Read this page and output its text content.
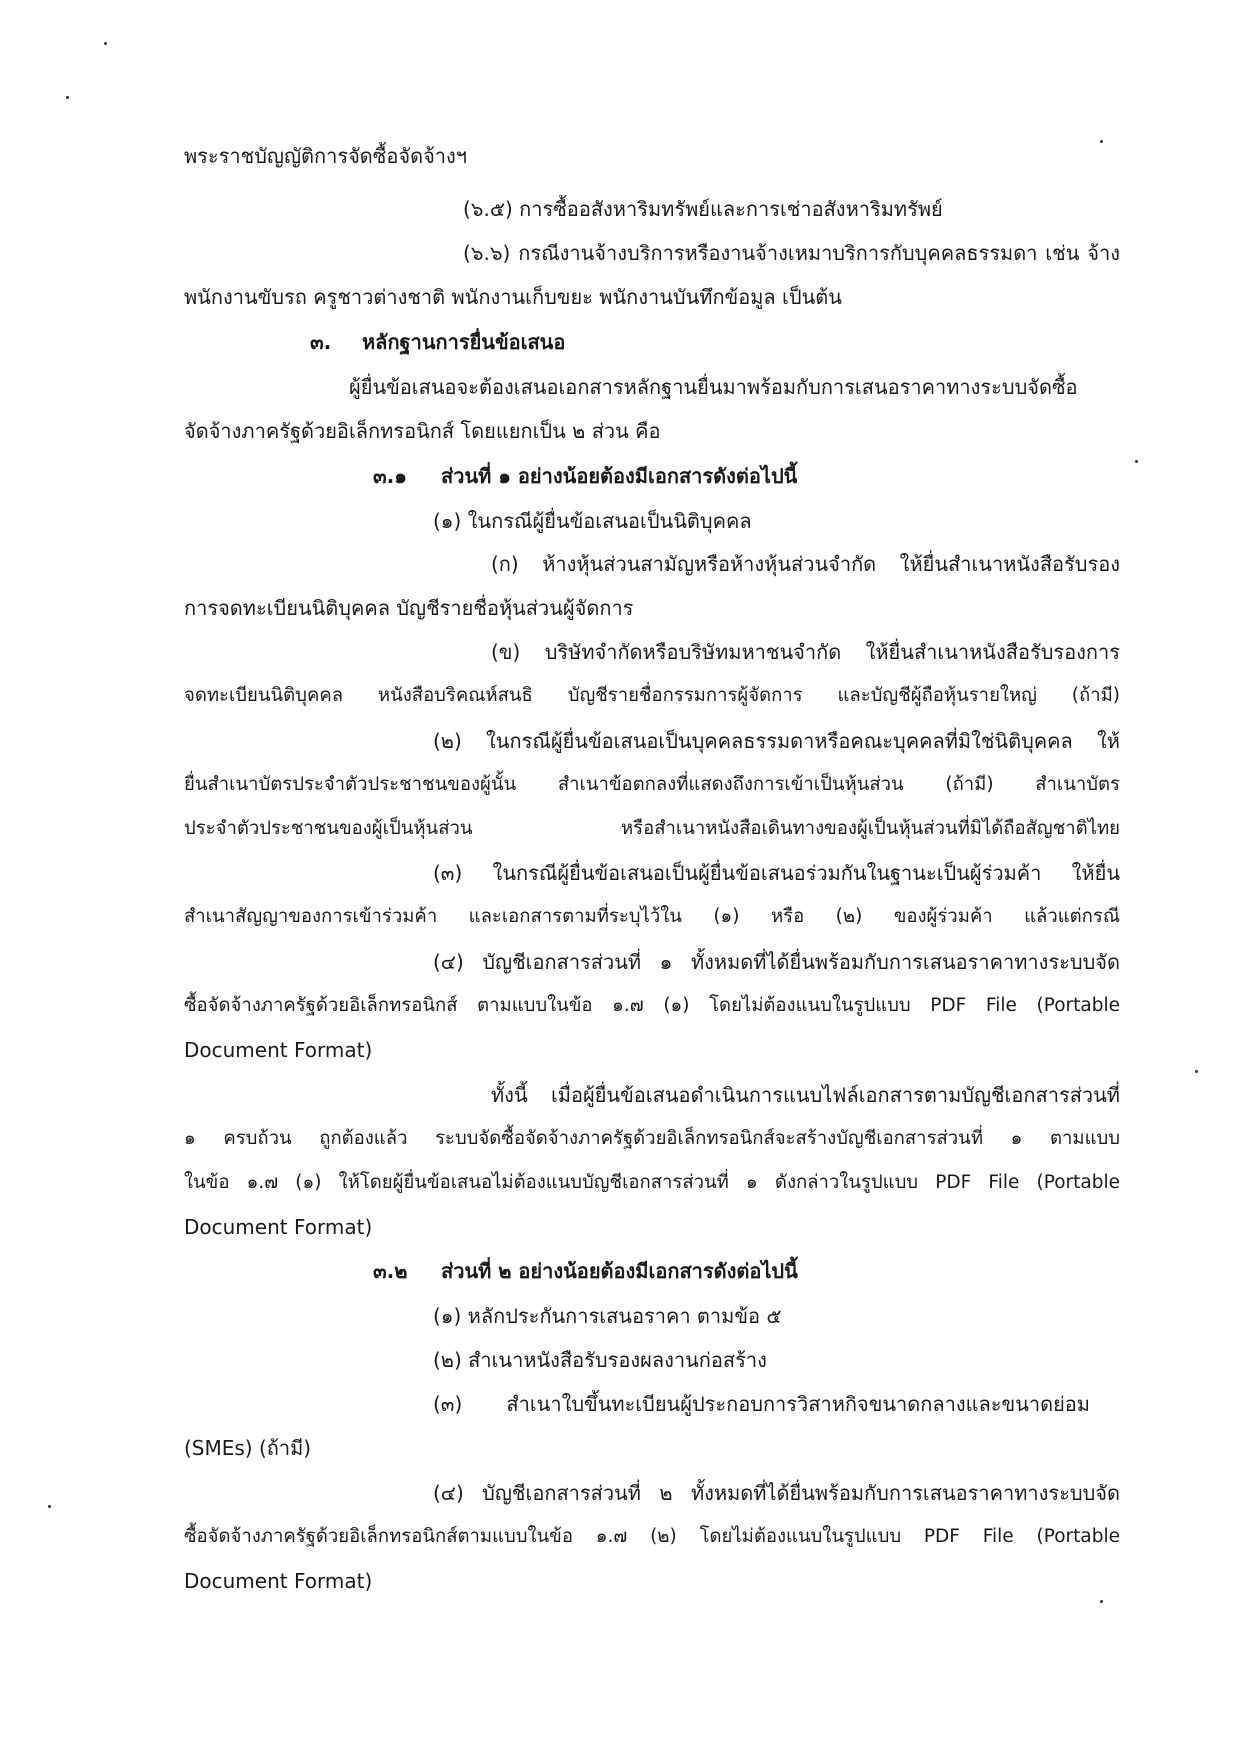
พระราชบัญญัติการจัดซื้อจัดจ้างฯ
(๖.๕) การซื้ออสังหาริมทรัพย์และการเช่าอสังหาริมทรัพย์
(๖.๖) กรณีงานจ้างบริการหรืองานจ้างเหมาบริการกับบุคคลธรรมดา เช่น จ้าง
พนักงานขับรถ ครูชาวต่างชาติ พนักงานเก็บขยะ พนักงานบันทึกข้อมูล เป็นต้น
๓. หลักฐานการยื่นข้อเสนอ
ผู้ยื่นข้อเสนอจะต้องเสนอเอกสารหลักฐานยื่นมาพร้อมกับการเสนอราคาทางระบบจัดซื้อ
จัดจ้างภาครัฐด้วยอิเล็กทรอนิกส์ โดยแยกเป็น ๒ ส่วน คือ
๓.๑ ส่วนที่ ๑ อย่างน้อยต้องมีเอกสารดังต่อไปนี้
(๑) ในกรณีผู้ยื่นข้อเสนอเป็นนิติบุคคล
(ก) ห้างหุ้นส่วนสามัญหรือห้างหุ้นส่วนจำกัด ให้ยื่นสำเนาหนังสือรับรอง
การจดทะเบียนนิติบุคคล บัญชีรายชื่อหุ้นส่วนผู้จัดการ
(ข) บริษัทจำกัดหรือบริษัทมหาชนจำกัด ให้ยื่นสำเนาหนังสือรับรองการ
จดทะเบียนนิติบุคคล หนังสือบริคณห์สนธิ บัญชีรายชื่อกรรมการผู้จัดการ และบัญชีผู้ถือหุ้นรายใหญ่ (ถ้ามี)
(๒) ในกรณีผู้ยื่นข้อเสนอเป็นบุคคลธรรมดาหรือคณะบุคคลที่มิใช่นิติบุคคล ให้
ยื่นสำเนาบัตรประจำตัวประชาชนของผู้นั้น สำเนาข้อตกลงที่แสดงถึงการเข้าเป็นหุ้นส่วน (ถ้ามี) สำเนาบัตร
ประจำตัวประชาชนของผู้เป็นหุ้นส่วน หรือสำเนาหนังสือเดินทางของผู้เป็นหุ้นส่วนที่มิได้ถือสัญชาติไทย
(๓) ในกรณีผู้ยื่นข้อเสนอเป็นผู้ยื่นข้อเสนอร่วมกันในฐานะเป็นผู้ร่วมค้า ให้ยื่น
สำเนาสัญญาของการเข้าร่วมค้า และเอกสารตามที่ระบุไว้ใน (๑) หรือ (๒) ของผู้ร่วมค้า แล้วแต่กรณี
(๔) บัญชีเอกสารส่วนที่ ๑ ทั้งหมดที่ได้ยื่นพร้อมกับการเสนอราคาทางระบบจัด
ซื้อจัดจ้างภาครัฐด้วยอิเล็กทรอนิกส์ ตามแบบในข้อ ๑.๗ (๑) โดยไม่ต้องแนบในรูปแบบ PDF File (Portable
Document Format)
ทั้งนี้ เมื่อผู้ยื่นข้อเสนอดำเนินการแนบไฟล์เอกสารตามบัญชีเอกสารส่วนที่
๑ ครบถ้วน ถูกต้องแล้ว ระบบจัดซื้อจัดจ้างภาครัฐด้วยอิเล็กทรอนิกส์จะสร้างบัญชีเอกสารส่วนที่ ๑ ตามแบบ
ในข้อ ๑.๗ (๑) ให้โดยผู้ยื่นข้อเสนอไม่ต้องแนบบัญชีเอกสารส่วนที่ ๑ ดังกล่าวในรูปแบบ PDF File (Portable
Document Format)
๓.๒ ส่วนที่ ๒ อย่างน้อยต้องมีเอกสารดังต่อไปนี้
(๑) หลักประกันการเสนอราคา ตามข้อ ๕
(๒) สำเนาหนังสือรับรองผลงานก่อสร้าง
(๓) สำเนาใบขึ้นทะเบียนผู้ประกอบการวิสาหกิจขนาดกลางและขนาดย่อม
(SMEs) (ถ้ามี)
(๔) บัญชีเอกสารส่วนที่ ๒ ทั้งหมดที่ได้ยื่นพร้อมกับการเสนอราคาทางระบบจัด
ซื้อจัดจ้างภาครัฐด้วยอิเล็กทรอนิกส์ตามแบบในข้อ ๑.๗ (๒) โดยไม่ต้องแนบในรูปแบบ PDF File (Portable
Document Format)
